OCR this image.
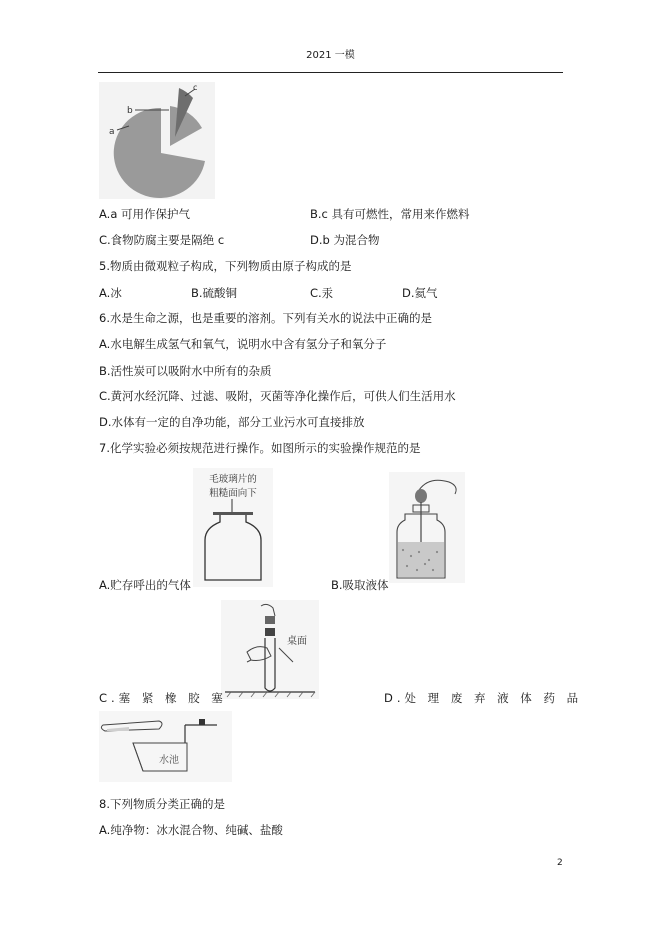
2021 一模
b
c
a
A.a 可用作保护气	B.c 具有可燃性，常用来作燃料
C.食物防腐主要是隔绝 c	D.b 为混合物
5.物质由微观粒子构成，下列物质由原子构成的是
A.冰	B.硫酸铜	C.汞	D.氦气
6.水是生命之源，也是重要的溶剂。下列有关水的说法中正确的是
A.水电解生成氢气和氧气，说明水中含有氢分子和氧分子
B.活性炭可以吸附水中所有的杂质
C.黄河水经沉降、过滤、吸附，灭菌等净化操作后，可供人们生活用水
D.水体有一定的自净功能，部分工业污水可直接排放
7.化学实验必须按规范进行操作。如图所示的实验操作规范的是
毛玻璃片的
粗糙面向下
A.贮存呼出的气体	B.吸取液体
桌面
C.塞 紧 橡 胶 塞	D.处 理 废 弃 液 体 药 品
水池
8.下列物质分类正确的是
A.纯净物：冰水混合物、纯碱、盐酸
2
